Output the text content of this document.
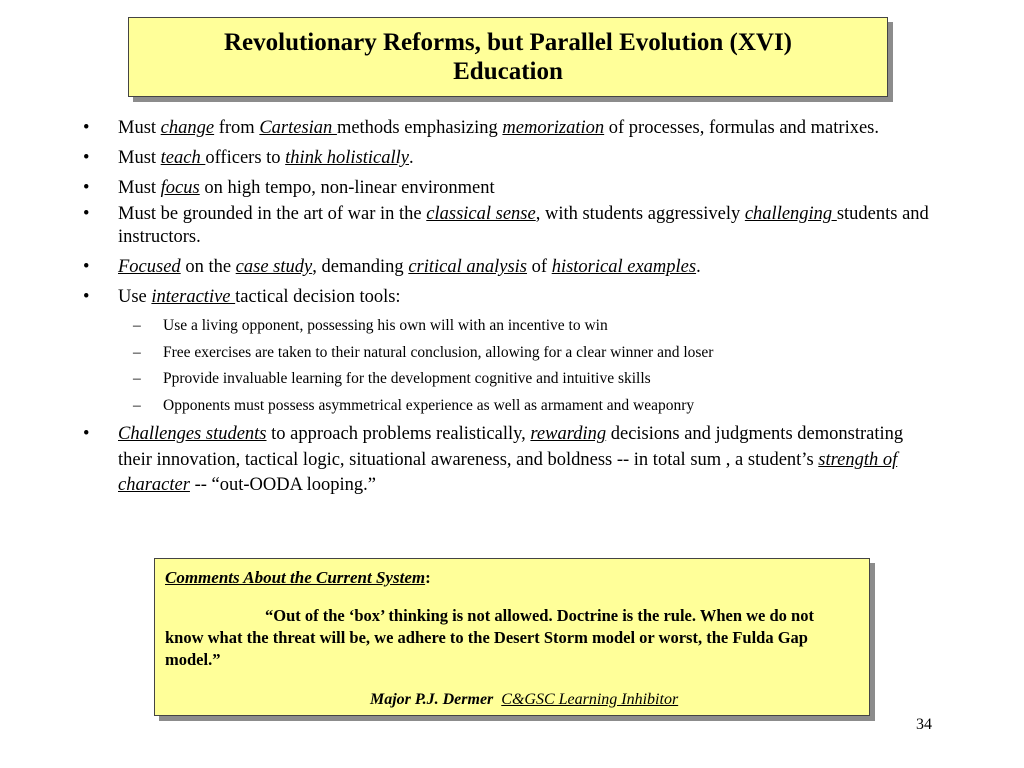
Revolutionary Reforms, but Parallel Evolution (XVI)
Education
• Must change from Cartesian methods emphasizing memorization of processes, formulas and matrixes.
• Must teach officers to think holistically.
• Must focus on high tempo, non-linear environment
• Must be grounded in the art of war in the classical sense, with students aggressively challenging students and instructors.
• Focused on the case study, demanding critical analysis of historical examples.
• Use interactive tactical decision tools:
– Use a living opponent, possessing his own will with an incentive to win
– Free exercises are taken to their natural conclusion, allowing for a clear winner and loser
– Pprovide invaluable learning for the development cognitive and intuitive skills
– Opponents must possess asymmetrical experience as well as armament and weaponry
• Challenges students to approach problems realistically, rewarding decisions and judgments demonstrating their innovation, tactical logic, situational awareness, and boldness -- in total sum , a student’s strength of character -- “out-OODA looping.”
Comments About the Current System:
“Out of the ‘box’ thinking is not allowed. Doctrine is the rule. When we do not know what the threat will be, we adhere to the Desert Storm model or worst, the Fulda Gap model.”
Major P.J. Dermer C&GSC Learning Inhibitor
34
